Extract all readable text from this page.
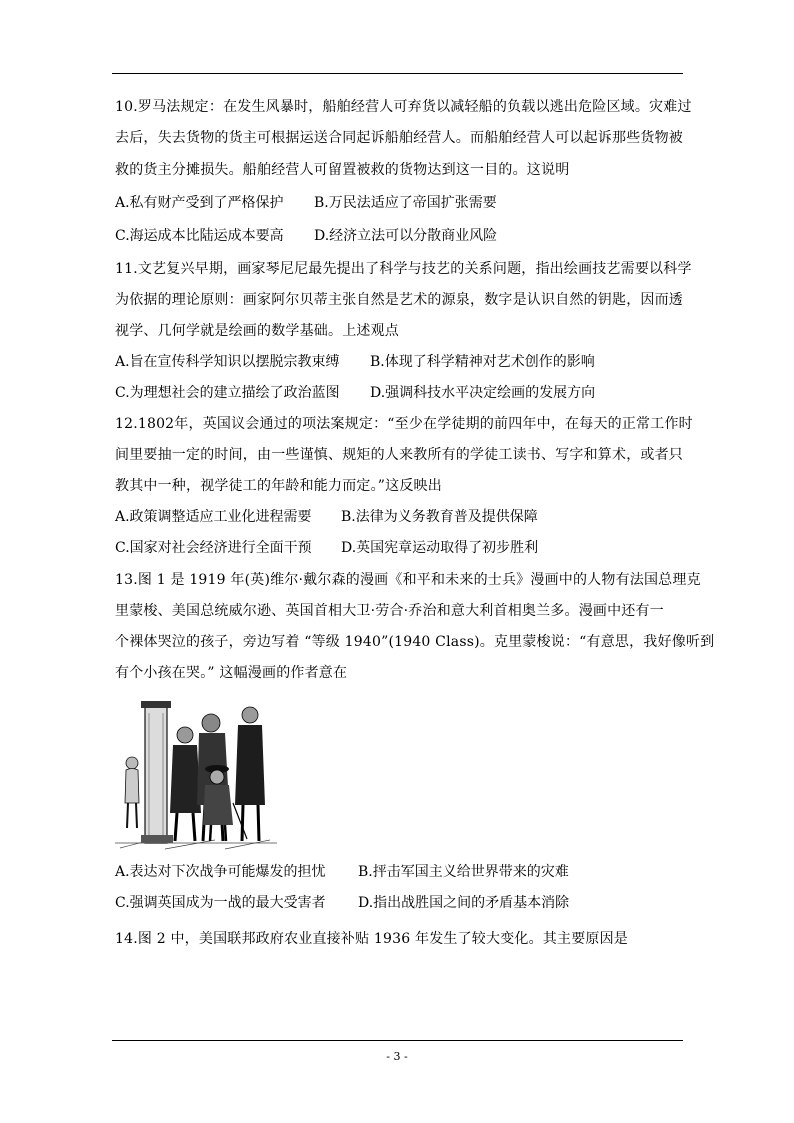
10.罗马法规定：在发生风暴时，船舶经营人可弃货以减轻船的负载以逃出危险区域。灾难过
去后，失去货物的货主可根据运送合同起诉船舶经营人。而船舶经营人可以起诉那些货物被
救的货主分摊损失。船舶经营人可留置被救的货物达到这一目的。这说明
A.私有财产受到了严格保护 B.万民法适应了帝国扩张需要
C.海运成本比陆运成本要高 D.经济立法可以分散商业风险
11.文艺复兴早期，画家琴尼尼最先提出了科学与技艺的关系问题，指出绘画技艺需要以科学
为依据的理论原则：画家阿尔贝蒂主张自然是艺术的源泉，数字是认识自然的钥匙，因而透
视学、几何学就是绘画的数学基础。上述观点
A.旨在宣传科学知识以摆脱宗教束缚 B.体现了科学精神对艺术创作的影响
C.为理想社会的建立描绘了政治蓝图 D.强调科技水平决定绘画的发展方向
12.1802年，英国议会通过的项法案规定：“至少在学徒期的前四年中，在每天的正常工作时
间里要抽一定的时间，由一些谨慎、规矩的人来教所有的学徒工读书、写字和算术，或者只
教其中一种，视学徒工的年龄和能力而定。”这反映出
A.政策调整适应工业化进程需要 B.法律为义务教育普及提供保障
C.国家对社会经济进行全面干预 D.英国宪章运动取得了初步胜利
13.图 1 是 1919 年(英)维尔·戴尔森的漫画《和平和未来的士兵》漫画中的人物有法国总理克
里蒙梭、美国总统威尔逊、英国首相大卫·劳合·乔治和意大利首相奥兰多。漫画中还有一
个裸体哭泣的孩子，旁边写着 “等级 1940”(1940 Class)。克里蒙梭说：“有意思，我好像听到
有个小孩在哭。” 这幅漫画的作者意在
A.表达对下次战争可能爆发的担忧 B.抨击军国主义给世界带来的灾难
C.强调英国成为一战的最大受害者 D.指出战胜国之间的矛盾基本消除
14.图 2 中，美国联邦政府农业直接补贴 1936 年发生了较大变化。其主要原因是
- 3 -
